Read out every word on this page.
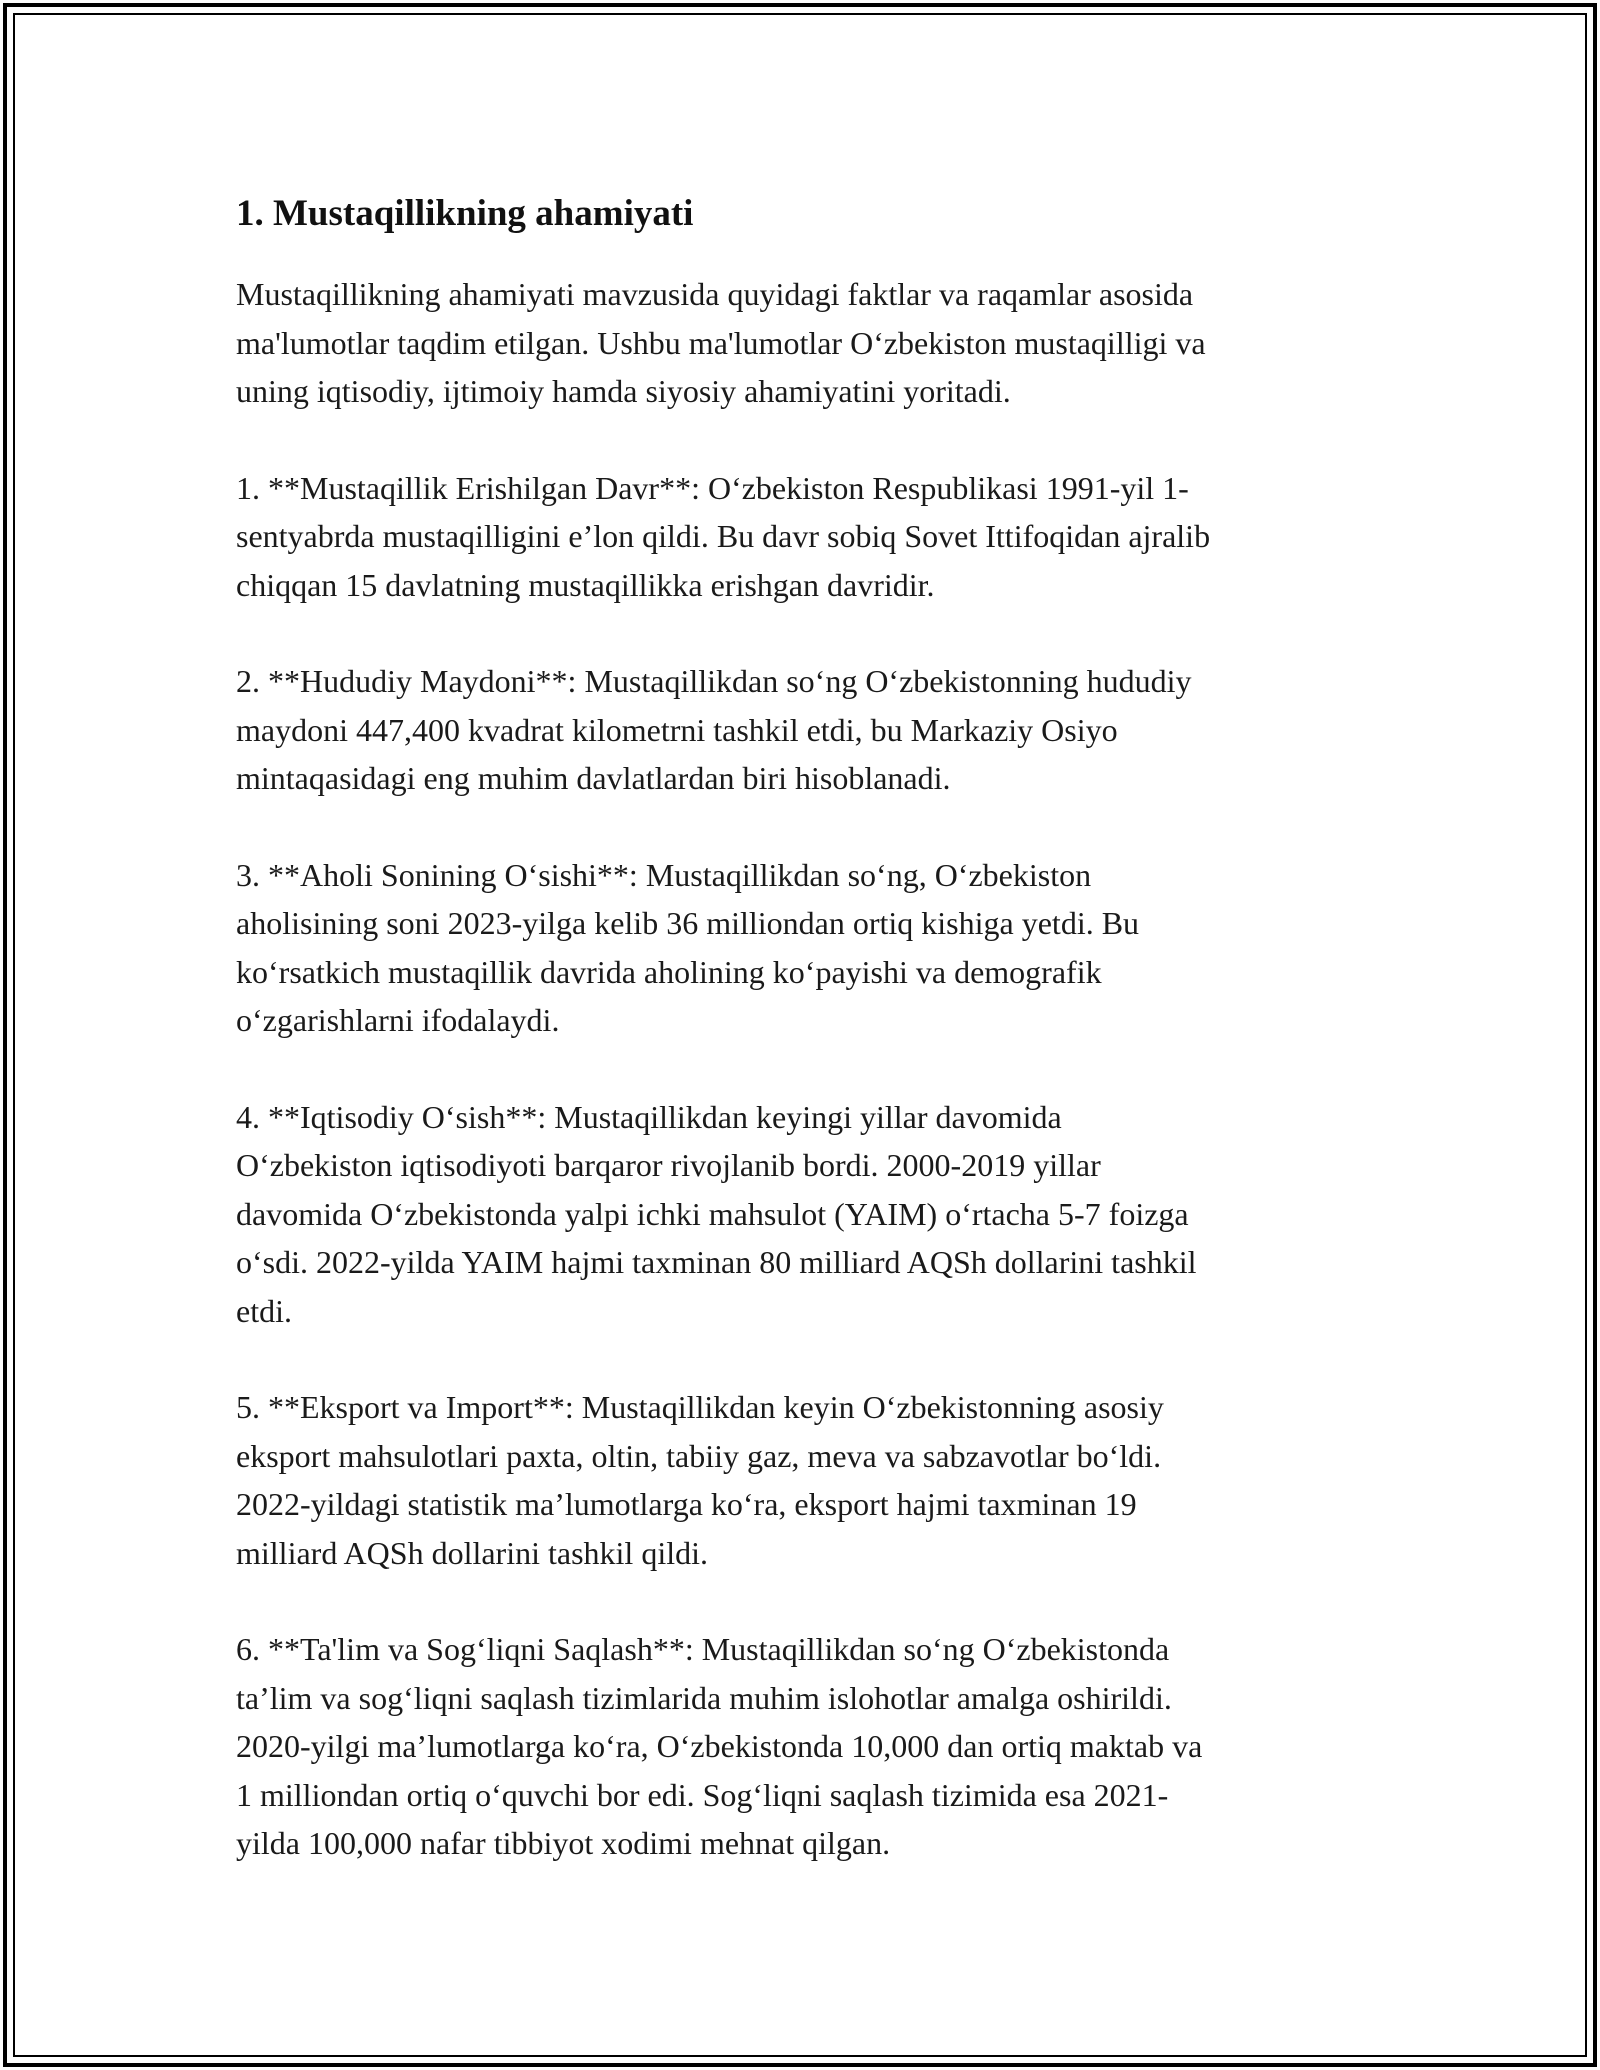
1. Mustaqillikning ahamiyati

Mustaqillikning ahamiyati mavzusida quyidagi faktlar va raqamlar asosida
ma'lumotlar taqdim etilgan. Ushbu ma'lumotlar O‘zbekiston mustaqilligi va
uning iqtisodiy, ijtimoiy hamda siyosiy ahamiyatini yoritadi.

1. **Mustaqillik Erishilgan Davr**: O‘zbekiston Respublikasi 1991-yil 1-
sentyabrda mustaqilligini e’lon qildi. Bu davr sobiq Sovet Ittifoqidan ajralib
chiqqan 15 davlatning mustaqillikka erishgan davridir.

2. **Hududiy Maydoni**: Mustaqillikdan so‘ng O‘zbekistonning hududiy
maydoni 447,400 kvadrat kilometrni tashkil etdi, bu Markaziy Osiyo
mintaqasidagi eng muhim davlatlardan biri hisoblanadi.

3. **Aholi Sonining O‘sishi**: Mustaqillikdan so‘ng, O‘zbekiston
aholisining soni 2023-yilga kelib 36 milliondan ortiq kishiga yetdi. Bu
ko‘rsatkich mustaqillik davrida aholining ko‘payishi va demografik
o‘zgarishlarni ifodalaydi.

4. **Iqtisodiy O‘sish**: Mustaqillikdan keyingi yillar davomida
O‘zbekiston iqtisodiyoti barqaror rivojlanib bordi. 2000-2019 yillar
davomida O‘zbekistonda yalpi ichki mahsulot (YAIM) o‘rtacha 5-7 foizga
o‘sdi. 2022-yilda YAIM hajmi taxminan 80 milliard AQSh dollarini tashkil
etdi.

5. **Eksport va Import**: Mustaqillikdan keyin O‘zbekistonning asosiy
eksport mahsulotlari paxta, oltin, tabiiy gaz, meva va sabzavotlar bo‘ldi.
2022-yildagi statistik ma’lumotlarga ko‘ra, eksport hajmi taxminan 19
milliard AQSh dollarini tashkil qildi.

6. **Ta'lim va Sog‘liqni Saqlash**: Mustaqillikdan so‘ng O‘zbekistonda
ta’lim va sog‘liqni saqlash tizimlarida muhim islohotlar amalga oshirildi.
2020-yilgi ma’lumotlarga ko‘ra, O‘zbekistonda 10,000 dan ortiq maktab va
1 milliondan ortiq o‘quvchi bor edi. Sog‘liqni saqlash tizimida esa 2021-
yilda 100,000 nafar tibbiyot xodimi mehnat qilgan.
